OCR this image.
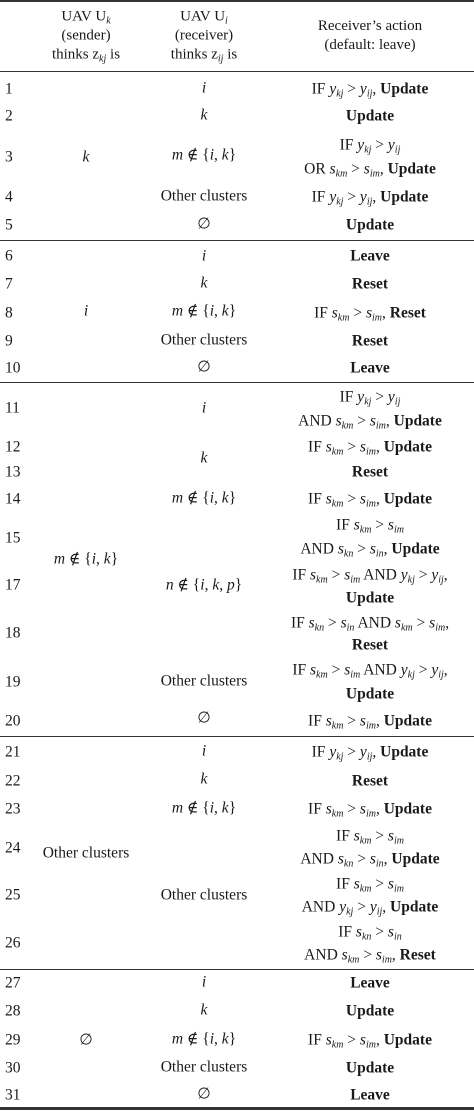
UAV $U_k$
(sender)
thinks $z_{kj}$ is
UAV $U_i$
(receiver)
thinks $z_{ij}$ is
Receiver’s action
(default: leave)
1
2
3
4
5
6
7
8
9
10
11
12
13
14
15
17
18
19
20
21
22
23
24
25
26
27
28
29
30
31
k
i
m ∉ {i, k}
Other clusters
∅
i
k
m ∉ {i, k}
Other clusters
∅
i
k
m ∉ {i, k}
Other clusters
∅
i
k
m ∉ {i, k}
n ∉ {i, k, p}
Other clusters
∅
i
k
m ∉ {i, k}
Other clusters
i
k
m ∉ {i, k}
Other clusters
∅
IF $y_{kj} > y_{ij}$, Update
Update
IF $y_{kj} > y_{ij}$
OR $s_{km} > s_{im}$, Update
IF $y_{kj} > y_{ij}$, Update
Update
Leave
Reset
IF $s_{km} > s_{im}$, Reset
Reset
Leave
IF $y_{kj} > y_{ij}$
AND $s_{km} > s_{im}$, Update
IF $s_{km} > s_{im}$, Update
Reset
IF $s_{km} > s_{im}$, Update
IF $s_{km} > s_{im}$
AND $s_{kn} > s_{in}$, Update
IF $s_{km} > s_{im}$ AND $y_{kj} > y_{ij}$,
Update
IF $s_{kn} > s_{in}$ AND $s_{km} > s_{im}$,
Reset
IF $s_{km} > s_{im}$ AND $y_{kj} > y_{ij}$,
Update
IF $s_{km} > s_{im}$, Update
IF $y_{kj} > y_{ij}$, Update
Reset
IF $s_{km} > s_{im}$, Update
IF $s_{km} > s_{im}$
AND $s_{kn} > s_{in}$, Update
IF $s_{km} > s_{im}$
AND $y_{kj} > y_{ij}$, Update
IF $s_{kn} > s_{in}$
AND $s_{km} > s_{im}$, Reset
Leave
Update
IF $s_{km} > s_{im}$, Update
Update
Leave
